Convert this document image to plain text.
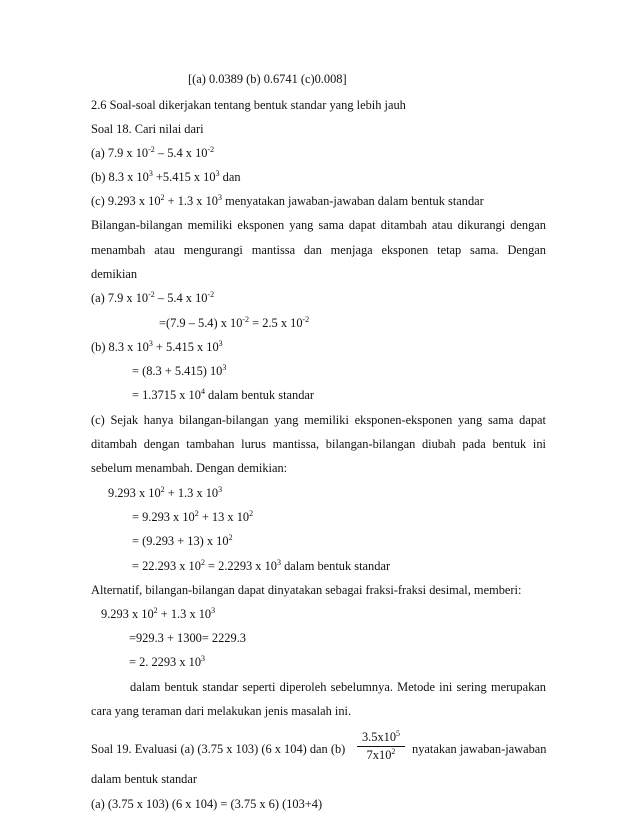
[(a) 0.0389 (b) 0.6741 (c)0.008]
2.6 Soal-soal dikerjakan tentang bentuk standar yang lebih jauh
Soal 18. Cari nilai dari
(a) 7.9 x $10^{-2} - 5.4$ x $10^{-2}$
(b) 8.3 x $10^3 +5.415$ x $10^3$ dan
(c) 9.293 x $10^2 + 1.3$ x $10^3$ menyatakan jawaban-jawaban dalam bentuk standar
Bilangan-bilangan memiliki eksponen yang sama dapat ditambah atau dikurangi dengan
menambah atau mengurangi mantissa dan menjaga eksponen tetap sama. Dengan
demikian
(a) 7.9 x $10^{-2} - 5.4$ x $10^{-2}$
=(7.9 – 5.4) x $10^{-2} = 2.5$ x $10^{-2}$
(b) 8.3 x $10^3 + 5.415$ x $10^3$
= (8.3 + 5.415) $10^3$
= 1.3715 x $10^4$ dalam bentuk standar
(c) Sejak hanya bilangan-bilangan yang memiliki eksponen-eksponen yang sama dapat
ditambah dengan tambahan lurus mantissa, bilangan-bilangan diubah pada bentuk ini
sebelum menambah. Dengan demikian:
9.293 x $10^2 + 1.3$ x $10^3$
= 9.293 x $10^2 + 13$ x $10^2$
= (9.293 + 13) x $10^2$
= 22.293 x $10^2 = 2.2293$ x $10^3$ dalam bentuk standar
Alternatif, bilangan-bilangan dapat dinyatakan sebagai fraksi-fraksi desimal, memberi:
9.293 x $10^2 + 1.3$ x $10^3$
=929.3 + 1300= 2229.3
= 2. 2293 x $10^3$
dalam bentuk standar seperti diperoleh sebelumnya. Metode ini sering merupakan
cara yang teraman dari melakukan jenis masalah ini.
Soal 19. Evaluasi (a) (3.75 x 103) (6 x 104) dan $(b) \frac{3.5x10^5}{7x10^2}$ nyatakan jawaban-jawaban
dalam bentuk standar
(a) (3.75 x 103) (6 x 104) = (3.75 x 6) (103+4)
